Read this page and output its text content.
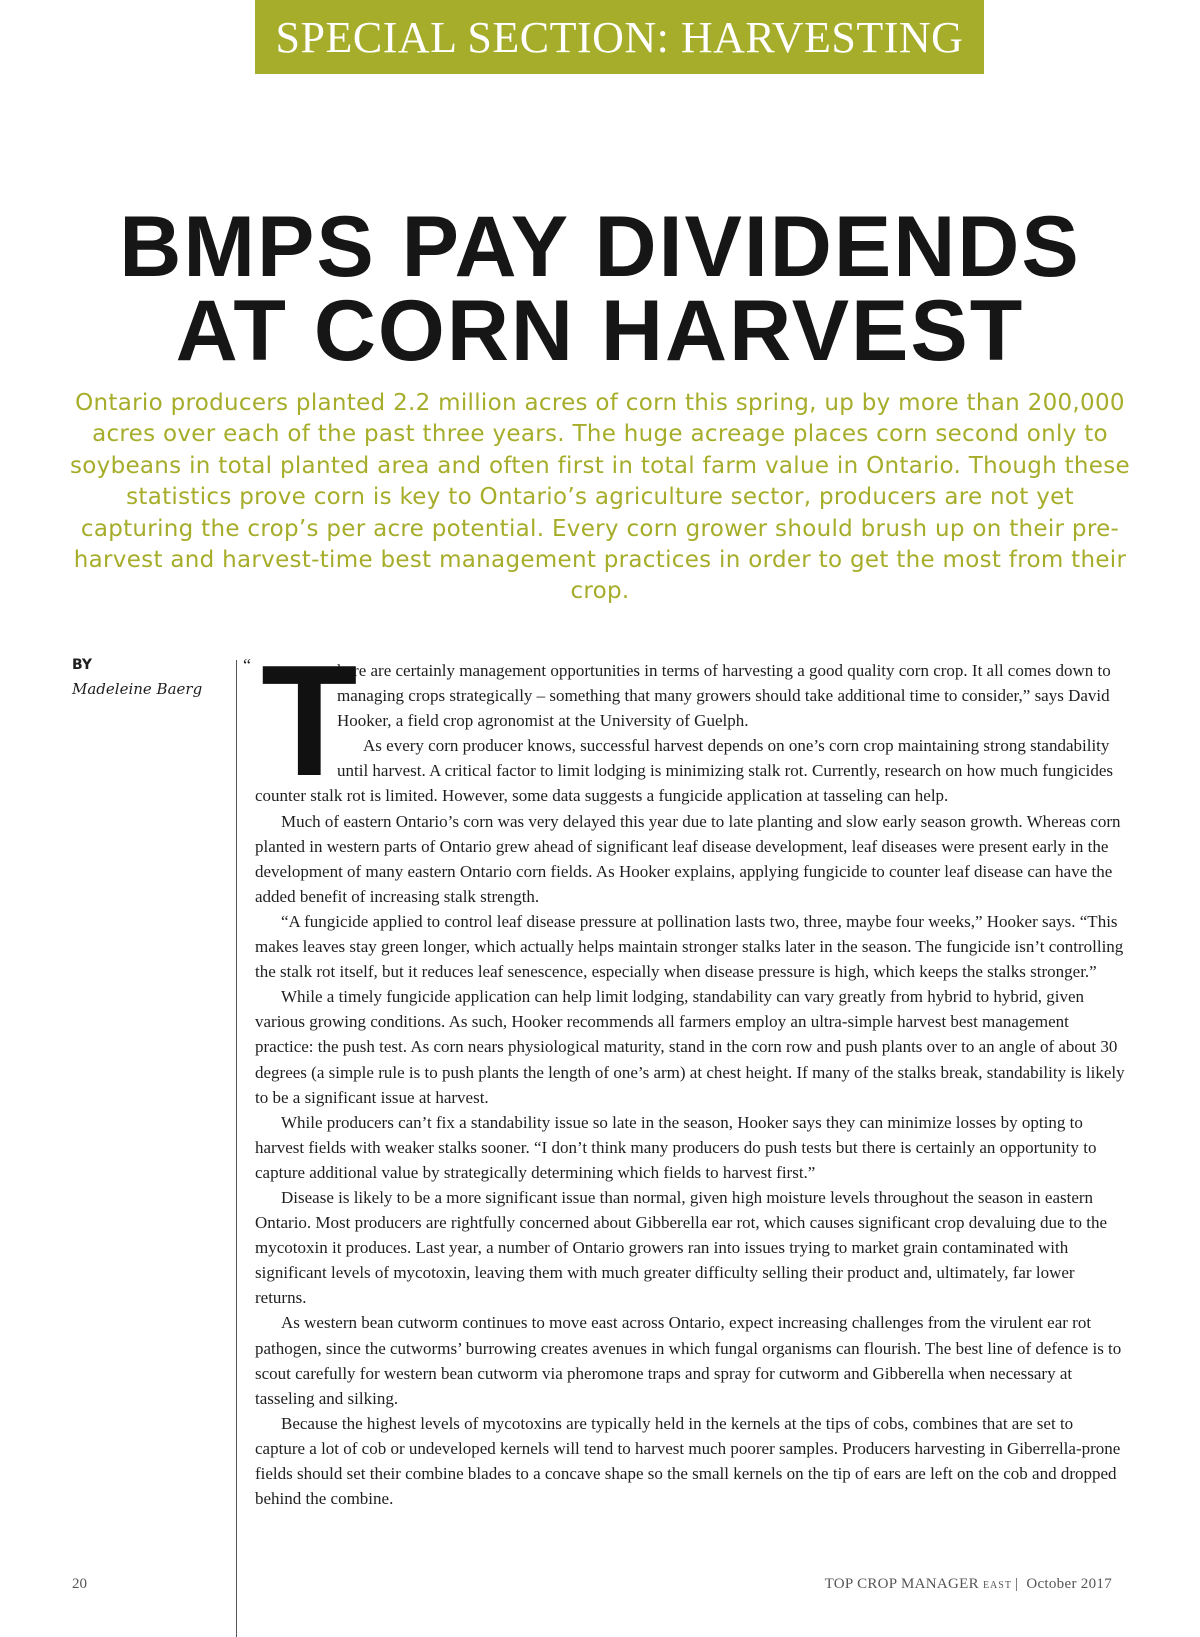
SPECIAL SECTION: HARVESTING
BMPS PAY DIVIDENDS
AT CORN HARVEST

Ontario producers planted 2.2 million acres of corn this spring, up by more than 200,000 acres over each of the past three years. The huge acreage places corn second only to soybeans in total planted area and often first in total farm value in Ontario. Though these statistics prove corn is key to Ontario’s agriculture sector, producers are not yet capturing the crop’s per acre potential. Every corn grower should brush up on their pre-harvest and harvest-time best management practices in order to get the most from their crop.

BY
Madeleine Baerg
“ T

here are certainly management opportunities in terms of harvesting a good quality corn crop. It all comes down to managing crops strategically – something that many growers should take additional time to consider,” says David Hooker, a field crop agronomist at the University of Guelph.

As every corn producer knows, successful harvest depends on one’s corn crop maintaining strong standability until harvest. A critical factor to limit lodging is minimizing stalk rot. Currently, research on how much fungicides counter stalk rot is limited. However, some data suggests a fungicide application at tasseling can help.

Much of eastern Ontario’s corn was very delayed this year due to late planting and slow early season growth. Whereas corn planted in western parts of Ontario grew ahead of significant leaf disease development, leaf diseases were present early in the development of many eastern Ontario corn fields. As Hooker explains, applying fungicide to counter leaf disease can have the added benefit of increasing stalk strength.

“A fungicide applied to control leaf disease pressure at pollination lasts two, three, maybe four weeks,” Hooker says. “This makes leaves stay green longer, which actually helps maintain stronger stalks later in the season. The fungicide isn’t controlling the stalk rot itself, but it reduces leaf senescence, especially when disease pressure is high, which keeps the stalks stronger.”

While a timely fungicide application can help limit lodging, standability can vary greatly from hybrid to hybrid, given various growing conditions. As such, Hooker recommends all farmers employ an ultra-simple harvest best management practice: the push test. As corn nears physiological maturity, stand in the corn row and push plants over to an angle of about 30 degrees (a simple rule is to push plants the length of one’s arm) at chest height. If many of the stalks break, standability is likely to be a significant issue at harvest.

While producers can’t fix a standability issue so late in the season, Hooker says they can minimize losses by opting to harvest fields with weaker stalks sooner. “I don’t think many producers do push tests but there is certainly an opportunity to capture additional value by strategically determining which fields to harvest first.”

Disease is likely to be a more significant issue than normal, given high moisture levels throughout the season in eastern Ontario. Most producers are rightfully concerned about Gibberella ear rot, which causes significant crop devaluing due to the mycotoxin it produces. Last year, a number of Ontario growers ran into issues trying to market grain contaminated with significant levels of mycotoxin, leaving them with much greater difficulty selling their product and, ultimately, far lower returns.

As western bean cutworm continues to move east across Ontario, expect increasing challenges from the virulent ear rot pathogen, since the cutworms’ burrowing creates avenues in which fungal organisms can flourish. The best line of defence is to scout carefully for western bean cutworm via pheromone traps and spray for cutworm and Gibberella when necessary at tasseling and silking.

Because the highest levels of mycotoxins are typically held in the kernels at the tips of cobs, combines that are set to capture a lot of cob or undeveloped kernels will tend to harvest much poorer samples. Producers harvesting in Giberrella-prone fields should set their combine blades to a concave shape so the small kernels on the tip of ears are left on the cob and dropped behind the combine.

20	TOP CROP MANAGER EAST | October 2017
